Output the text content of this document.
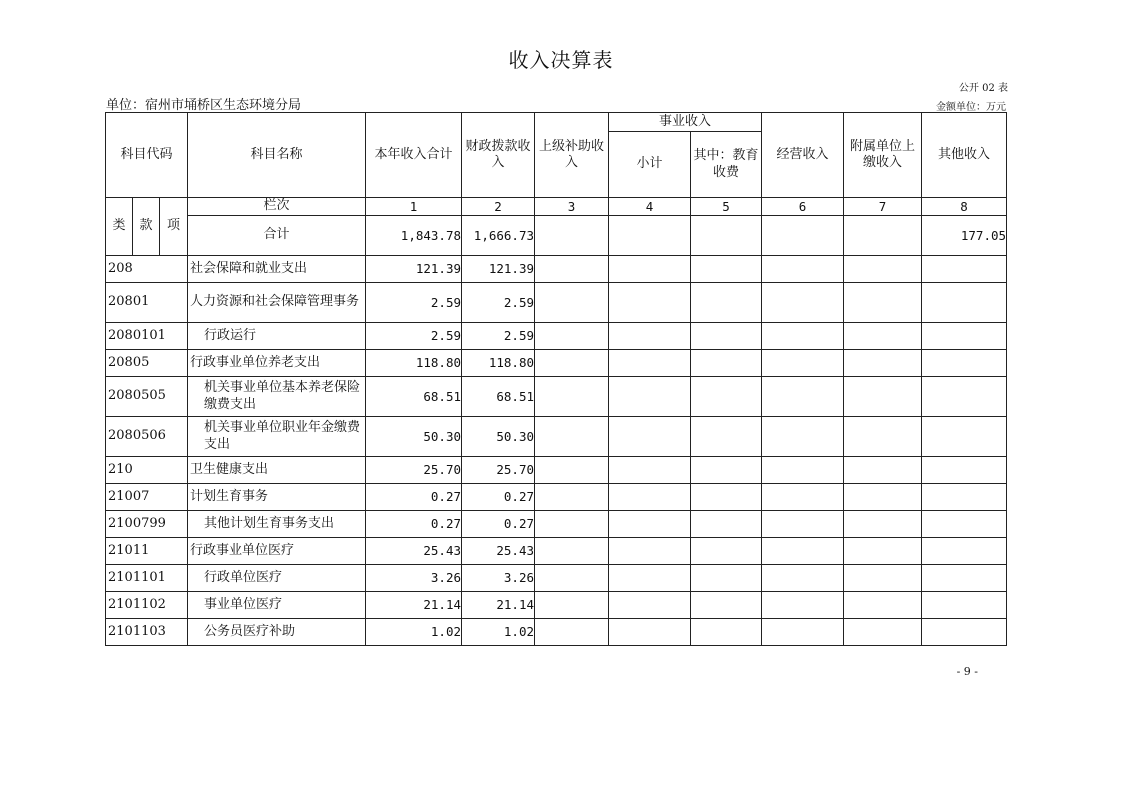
收入决算表
公开 02 表
单位：宿州市埇桥区生态环境分局	金额单位：万元
科目代码			科目名称	本年收入合计	财政拨款收入	上级补助收入	事业收入		经营收入	附属单位上缴收入	其他收入
							小计	其中：教育收费			
类	款	项	栏次	1	2	3	4	5	6	7	8
			合计	1,843.78	1,666.73						177.05
208			社会保障和就业支出	121.39	121.39						
20801			人力资源和社会保障管理事务	2.59	2.59						
2080101			行政运行	2.59	2.59						
20805			行政事业单位养老支出	118.80	118.80						
2080505			机关事业单位基本养老保险缴费支出	68.51	68.51						
2080506			机关事业单位职业年金缴费支出	50.30	50.30						
210			卫生健康支出	25.70	25.70						
21007			计划生育事务	0.27	0.27						
2100799			其他计划生育事务支出	0.27	0.27						
21011			行政事业单位医疗	25.43	25.43						
2101101			行政单位医疗	3.26	3.26						
2101102			事业单位医疗	21.14	21.14						
2101103			公务员医疗补助	1.02	1.02						
- 9 -
